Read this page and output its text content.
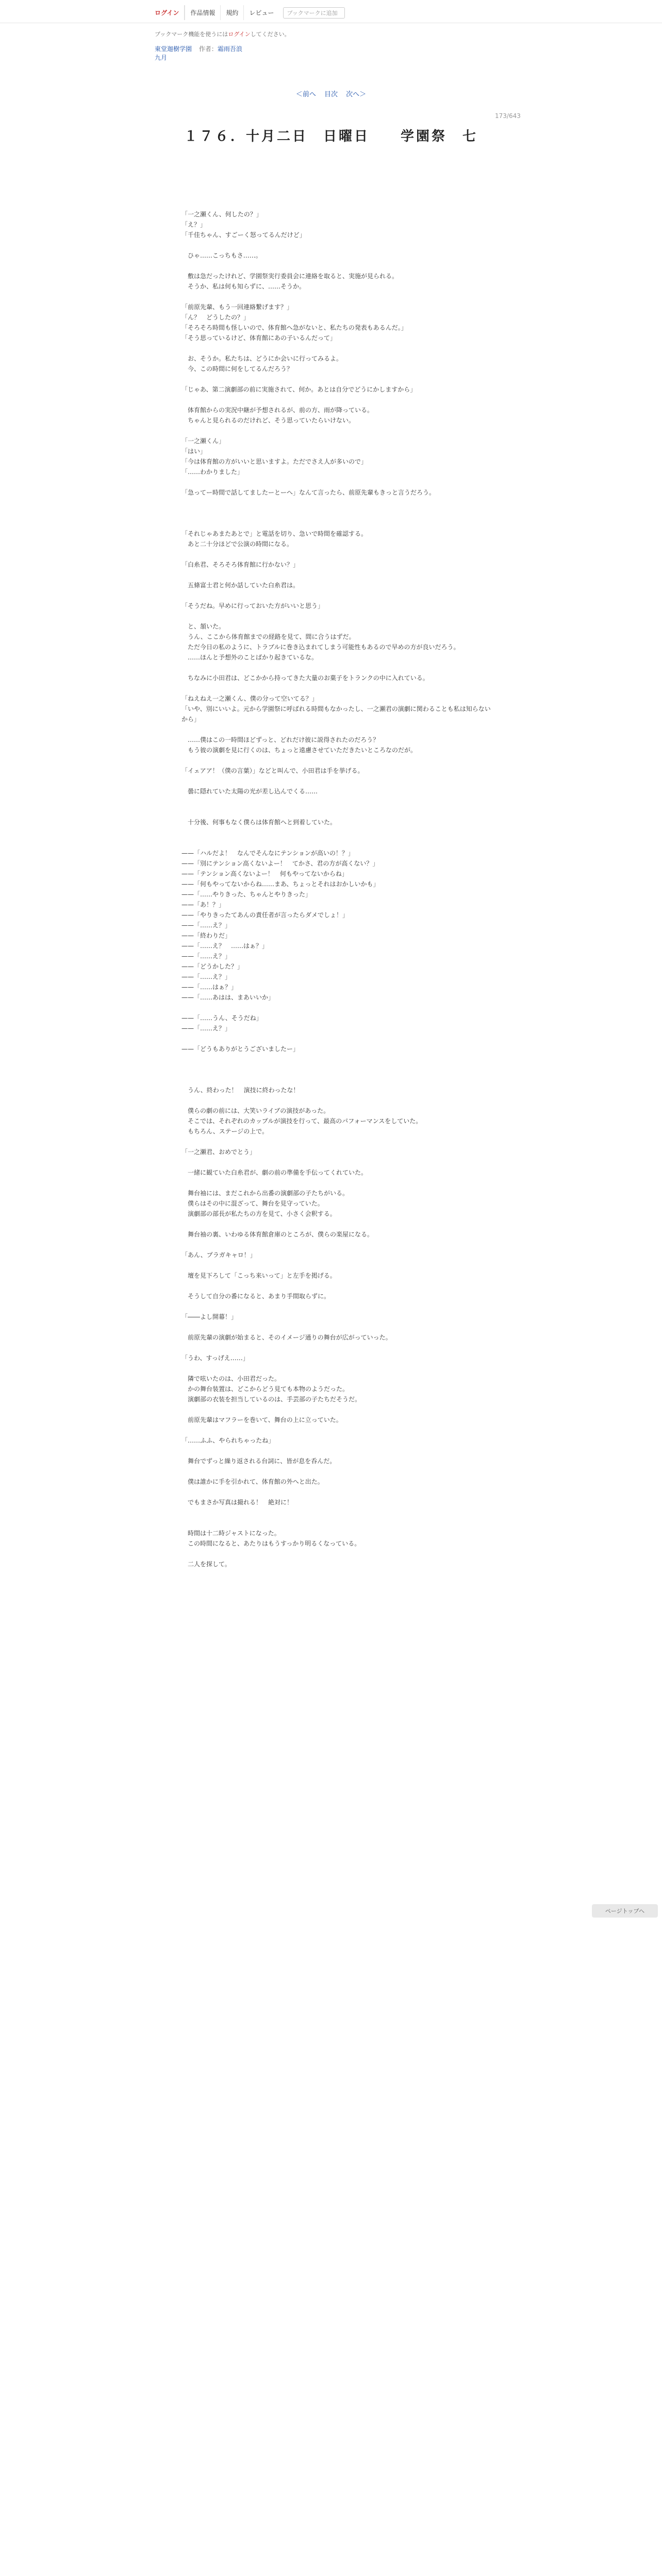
ログイン	作品情報	規約	レビュー	ブックマークに追加
ブックマーク機能を使うにはログインしてください。
東堂迦樹学園 作者：霜雨吾浪
九月
＜前へ 目次 次へ＞
173/643
１７６．十月二日　日曜日　　学園祭　七

「一之瀬くん、何したの？」

「え？」

「千佳ちゃん、すごーく怒ってるんだけど」

　ひゃ……こっちもさ……。

　敷は急だったけれど、学園祭実行委員会に連絡を取ると、実施が見られる。

　そうか、私は何も知らずに、……そうか。

「前原先輩、もう一回連絡繋げます？」

「ん？　どうしたの？」

「そろそろ時間も怪しいので、体育館へ急がないと、私たちの発表もあるんだ。」

「そう思っているけど、体育館にあの子いるんだって」

　お、そうか。私たちは、どうにか会いに行ってみるよ。

　今、この時間に何をしてるんだろう？

「じゃあ、第二演劇部の前に実施されて、何か。あとは自分でどうにかしますから」

　体育館からの実況中継が予想されるが、前の方、雨が降っている。

　ちゃんと見られるのだけれど、そう思っていたらいけない。

「一之瀬くん」

「はい」

「今は体育館の方がいいと思いますよ。ただでさえ人が多いので」

「……わかりました」

「急ってー時間で話してましたーとーへ」なんて言ったら、前原先輩もきっと言うだろう。

「それじゃあまたあとで」と電話を切り、急いで時間を確認する。

　あと二十分ほどで公演の時間になる。

「白糸君、そろそろ体育館に行かない？」

　五條富士君と何か話していた白糸君は。

「そうだね。早めに行っておいた方がいいと思う」

　と、頷いた。

　うん、ここから体育館までの経路を見て、間に合うはずだ。

　ただ今日の私のように、トラブルに巻き込まれてしまう可能性もあるので早めの方が良いだろう。

　……ほんと予想外のことばかり起きているな。

　ちなみに小田君は、どこかから持ってきた大量のお菓子をトランクの中に入れている。

「ねえねえ一之瀬くん、僕の分って空いてる？」

「いや、別にいいよ。元から学園祭に呼ばれる時間もなかったし、一之瀬君の演劇に関わることも私は知らないから」

　……僕はこの一時間ほどずっと、どれだけ彼に説得されたのだろう？

　もう彼の演劇を見に行くのは、ちょっと遠慮させていただきたいところなのだが。

「イェアア！（僕の言葉）」などと叫んで、小田君は手を挙げる。

　曇に隠れていた太陽の光が差し込んでくる……

　十分後、何事もなく僕らは体育館へと到着していた。

——「ハルだよ！　なんでそんなにテンションが高いの！？」

——「別にテンション高くないよー！　てかさ、君の方が高くない？」

——「テンション高くないよー！　何もやってないからね」

——「何もやってないからね……まあ、ちょっとそれはおかしいかも」

——「……やりきった、ちゃんとやりきった」

——「あ！？」

——「やりきったてあんの責任者が言ったらダメでしょ！」

——「……え？」

——「終わりだ」

——「……え？　……はぁ？」

——「……え？」

——「どうかした？」

——「……え？」

——「……はぁ？」

——「……あはは、まあいいか」

——「……うん、そうだね」

——「……え？」

——「どうもありがとうございましたー」

　うん、終わった！　演技に終わったな！

　僕らの劇の前には、大笑いライブの演技があった。

　そこでは、それぞれのカップルが演技を行って、最高のパフォーマンスをしていた。

　もちろん、ステージの上で。

「一之瀬君、おめでとう」

　一緒に観ていた白糸君が、劇の前の準備を手伝ってくれていた。

　舞台袖には、まだこれから出番の演劇部の子たちがいる。

　僕らはその中に混ざって、舞台を見守っていた。

　演劇部の部長が私たちの方を見て、小さく会釈する。

　舞台袖の裏、いわゆる体育館倉庫のところが、僕らの楽屋になる。

「あん、プラガキャロ！」

　壇を見下ろして「こっち来いって」と左手を掲げる。

　そうして自分の番になると、あまり手間取らずに。

「――よし開幕！」

　前原先輩の演劇が始まると、そのイメージ通りの舞台が広がっていった。

「うわ、すっげえ……」

　隣で呟いたのは、小田君だった。

　かの舞台装置は、どこからどう見ても本物のようだった。

　演劇部の衣装を担当しているのは、手芸部の子たちだそうだ。

　前原先輩はマフラーを巻いて、舞台の上に立っていた。

「……ふふ、やられちゃったね」

　舞台でずっと繰り返される台詞に、皆が息を呑んだ。

　僕は誰かに手を引かれて、体育館の外へと出た。

　でもまさか写真は撮れる！　絶対に！

　時間は十二時ジャストになった。

　この時間になると、あたりはもうすっかり明るくなっている。

　二人を探して。

ページトップへ
